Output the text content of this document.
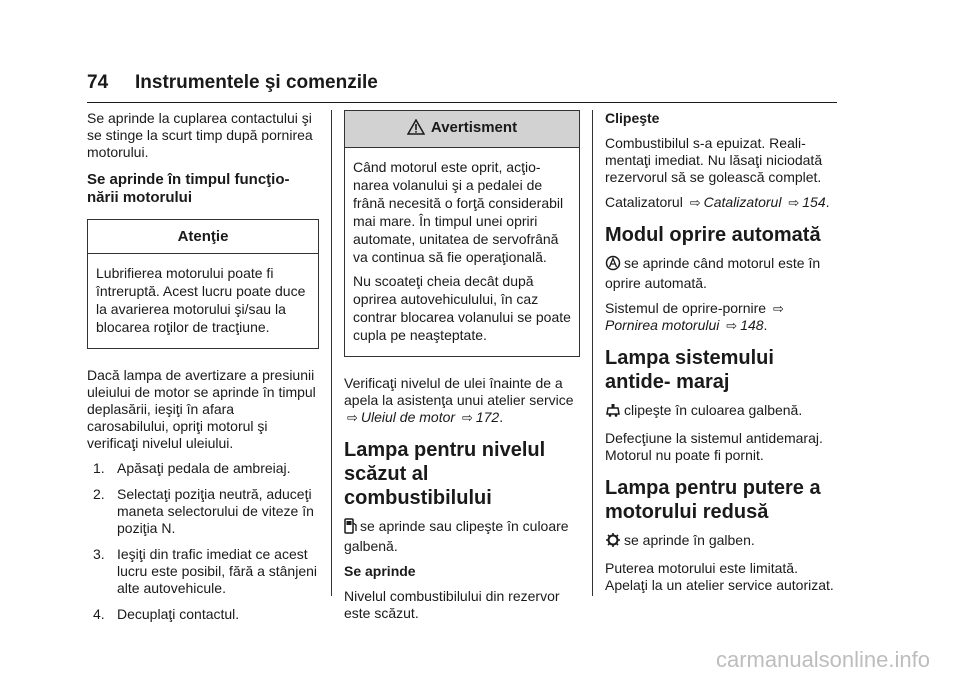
74 Instrumentele şi comenzile

Se aprinde la cuplarea contactului şi se stinge la scurt timp după pornirea motorului.

Se aprinde în timpul funcţio- nării motorului
Atenţie

Lubrifierea motorului poate fi întreruptă. Acest lucru poate duce la avarierea motorului şi/sau la blocarea roţilor de tracţiune.

Dacă lampa de avertizare a presiunii uleiului de motor se aprinde în timpul deplasării, ieşiţi în afara carosabilului, opriţi motorul şi verificaţi nivelul uleiului.

1. Apăsaţi pedala de ambreiaj.
2. Selectaţi poziţia neutră, aduceţi maneta selectorului de viteze în poziţia N.
3. Ieşiţi din trafic imediat ce acest lucru este posibil, fără a stânjeni alte autovehicule.
4. Decuplaţi contactul.
Avertisment

Când motorul este oprit, acţio- narea volanului şi a pedalei de frână necesită o forţă considerabil mai mare. În timpul unei opriri automate, unitatea de servofrână va continua să fie operaţională.

Nu scoateţi cheia decât după oprirea autovehiculului, în caz contrar blocarea volanului se poate cupla pe neaşteptate.

Verificaţi nivelul de ulei înainte de a apela la asistenţa unui atelier service ⇨ Uleiul de motor ⇨ 172.

Lampa pentru nivelul scăzut al combustibilului

se aprinde sau clipeşte în culoare galbenă.

Se aprinde

Nivelul combustibilului din rezervor este scăzut.

Clipeşte

Combustibilul s-a epuizat. Reali- mentaţi imediat. Nu lăsaţi niciodată rezervorul să se golească complet.

Catalizatorul ⇨ Catalizatorul ⇨ 154.

Modul oprire automată

se aprinde când motorul este în oprire automată.

Sistemul de oprire-pornire ⇨
Pornirea motorului ⇨ 148.

Lampa sistemului antide- maraj

clipeşte în culoarea galbenă.

Defecţiune la sistemul antidemaraj. Motorul nu poate fi pornit.

Lampa pentru putere a motorului redusă

se aprinde în galben.

Puterea motorului este limitată. Apelaţi la un atelier service autorizat.

carmanualsonline.info
